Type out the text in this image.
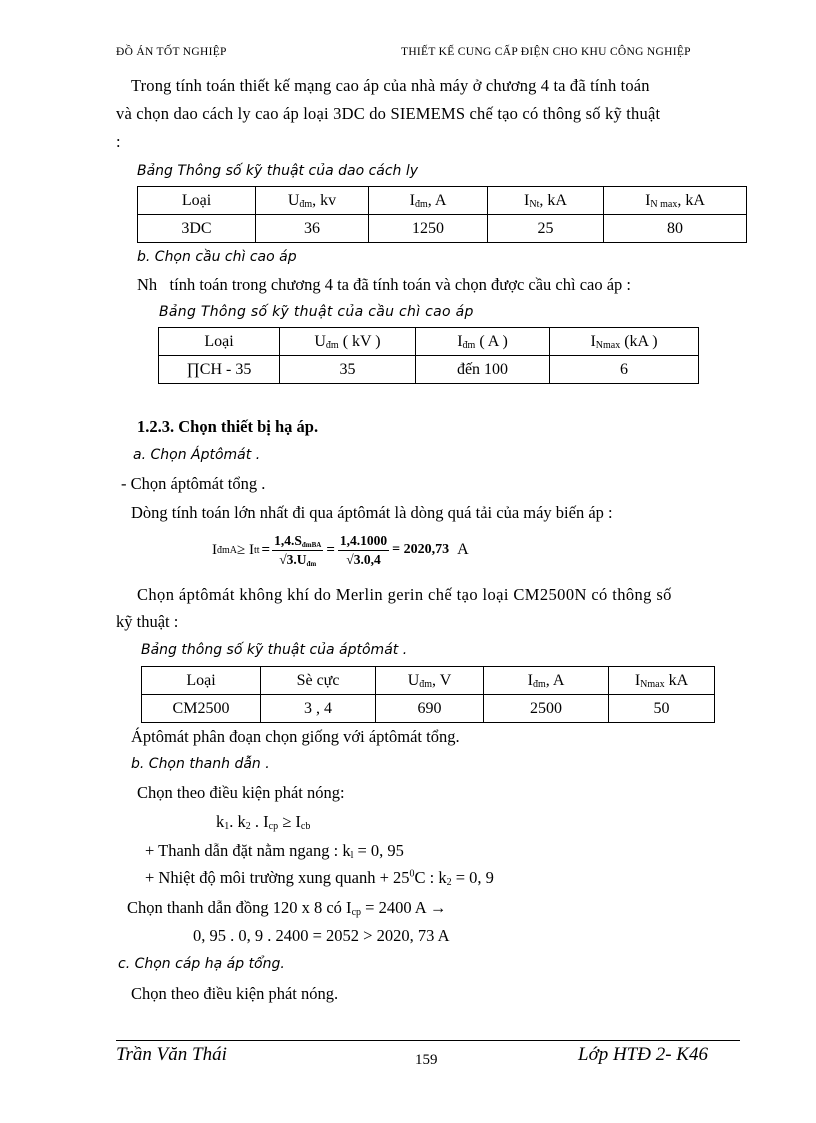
ĐỒ ÁN TỐT NGHIỆP	THIẾT KẾ CUNG CẤP ĐIỆN CHO KHU CÔNG NGHIỆP
Trong tính toán thiết kế mạng cao áp của nhà máy ở chương 4 ta đã tính toán
và chọn dao cách ly cao áp loại 3DC do SIEMEMS chế tạo có thông số kỹ thuật
:
Bảng Thông số kỹ thuật của dao cách ly
Loại	$U_{đm}$, kv	$I_{đm}$, A	$I_{Nt}$, kA	$I_{N max}$, kA
3DC	36	1250	25	80
b. Chọn cầu chì cao áp
Nh tính toán trong chương 4 ta đã tính toán và chọn được cầu chì cao áp :
Bảng Thông số kỹ thuật của cầu chì cao áp
Loại	$U_{đm}$ ( kV )	$I_{đm}$ ( A )	$I_{Nmax}$ (kA )
∏CH - 35	35	đến 100	6
1.2.3. Chọn thiết bị hạ áp.
a. Chọn Áptômát .
- Chọn áptômát tổng .
Dòng tính toán lớn nhất đi qua áptômát là dòng quá tải của máy biến áp :
I đmA ≥ I tt = $\frac{1,4.S_{đmBA}}{√3.U_{đm}} = \frac{1,4.1000}{√3.0,4} = 2020,73$ A
Chọn áptômát không khí do Merlin gerin chế tạo loại CM2500N có thông số
kỹ thuật :
Bảng thông số kỹ thuật của áptômát .
Loại	Sè cực	$U_{đm}$, V	$I_{đm}$, A	$I_{Nmax}$ kA
CM2500	3 , 4	690	2500	50
Áptômát phân đoạn chọn giống với áptômát tổng.
b. Chọn thanh dẫn .
Chọn theo điều kiện phát nóng:
$k_1$. $k_2$ . $I_{cp} \ge I_{cb}$
+ Thanh dẫn đặt nằm ngang : $k_l = 0$, 95
+ Nhiệt độ môi trường xung quanh + $25^0C$ : $k_2 = 0$, 9
Chọn thanh dẫn đồng 120 x 8 có $I_{cp} = 2400$ A →
0, 95 . 0, 9 . 2400 = 2052 > 2020, 73 A
c. Chọn cáp hạ áp tổng.
Chọn theo điều kiện phát nóng.
Trần Văn Thái	159	Lớp HTĐ 2- K46
